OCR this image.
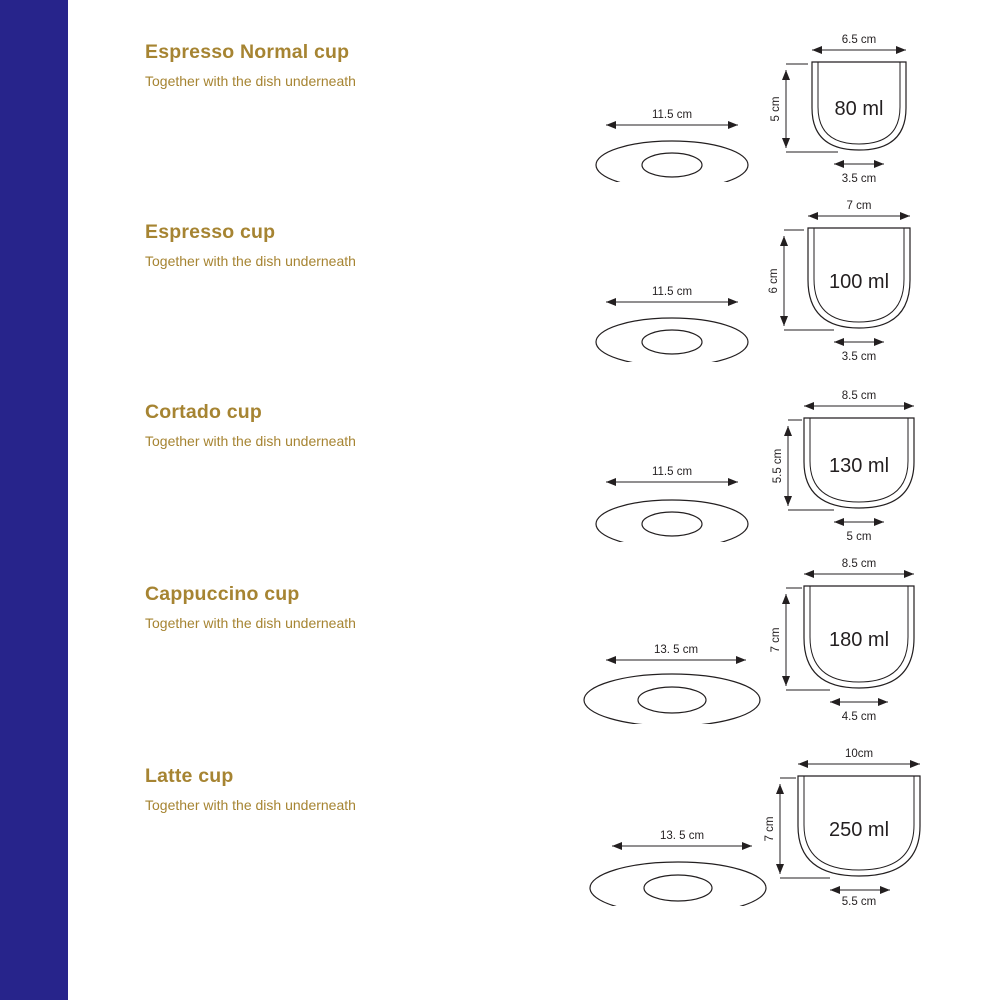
Espresso Normal cup

Together with the dish underneath

11.5 cm
6.5 cm
5 cm
3.5 cm
80 ml

Espresso cup

Together with the dish underneath

11.5 cm
7 cm
6 cm
3.5 cm
100 ml

Cortado cup

Together with the dish underneath

11.5 cm
8.5 cm
5.5 cm
5 cm
130 ml

Cappuccino cup

Together with the dish underneath

13. 5 cm
8.5 cm
7 cm
4.5 cm
180 ml

Latte cup

Together with the dish underneath

13. 5 cm
10cm
7 cm
5.5 cm
250 ml
